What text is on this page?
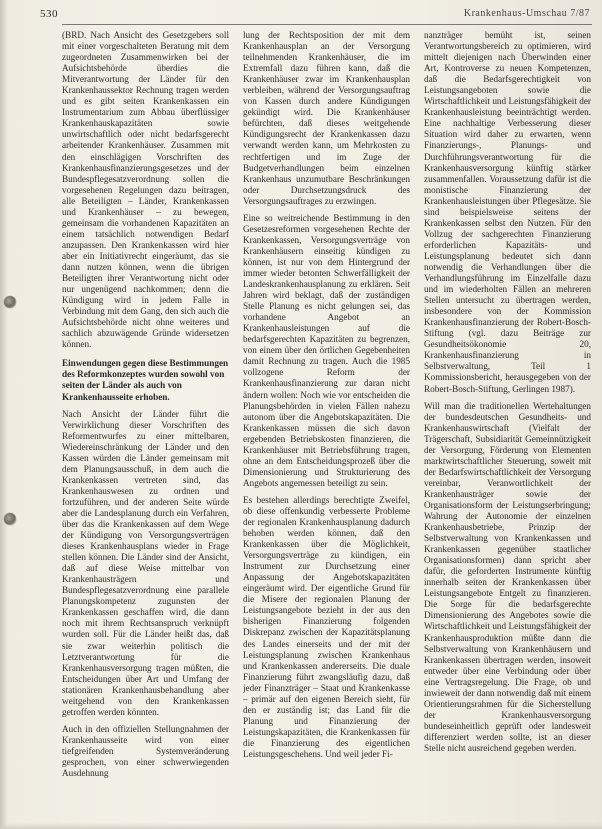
530	Krankenhaus-Umschau 7/87

(BRD. Nach Ansicht des Gesetzgebers soll mit einer vorgeschalteten Beratung mit dem zugeordneten Zusammenwirken bei der Aufsichtsbehörde überdies die Mitverantwortung der Länder für den Krankenhaussektor Rechnung tragen werden und es gibt seiten Krankenkassen ein Instrumentarium zum Abbau überflüssiger Krankenhauskapazitäten sowie unwirtschaftlich oder nicht bedarfsgerecht arbeitender Krankenhäuser. Zusammen mit den einschlägigen Vorschriften des Krankenhausfinanzierungsgesetzes und der Bundespflegesatzverordnung sollen die vorgesehenen Regelungen dazu beitragen, alle Beteiligten – Länder, Krankenkassen und Krankenhäuser – zu bewegen, gemeinsam die vorhandenen Kapazitäten an einem tatsächlich notwendigen Bedarf anzupassen. Den Krankenkassen wird hier aber ein Initiativrecht eingeräumt, das sie dann nutzen können, wenn die übrigen Beteiligten ihrer Verantwortung nicht oder nur ungenügend nachkommen; denn die Kündigung wird in jedem Falle in Verbindung mit dem Gang, den sich auch die Aufsichtsbehörde nicht ohne weiteres und sachlich abzuwägende Gründe widersetzen können.

Einwendungen gegen diese Bestimmungen des Reformkonzeptes wurden sowohl von seiten der Länder als auch von Krankenhausseite erhoben.

Nach Ansicht der Länder führt die Verwirklichung dieser Vorschriften des Reformentwurfes zu einer mittelbaren, Wiedereinschränkung der Länder und den Kassen würden die Länder gemeinsam mit dem Planungsausschuß, in dem auch die Krankenkassen vertreten sind, das Krankenhauswesen zu ordnen und fortzuführen, und der anderen Seite würde aber die Landesplanung durch ein Verfahren, über das die Krankenkassen auf dem Wege der Kündigung von Versorgungsverträgen dieses Krankenhausplans wieder in Frage stellen können. Die Länder sind der Ansicht, daß auf diese Weise mittelbar von Krankenhausträgern und Bundespflegesatzverordnung eine parallele Planungskompetenz zugunsten der Krankenkassen geschaffen wird, die dann noch mit ihrem Rechtsanspruch verknüpft wurden soll. Für die Länder heißt das, daß sie zwar weiterhin politisch die Letztverantwortung für die Krankenhausversorgung tragen müßten, die Entscheidungen über Art und Umfang der stationären Krankenhausbehandlung aber weitgehend von den Krankenkassen getroffen werden könnten.

Auch in den offiziellen Stellungnahmen der Krankenhausseite wird von einer tiefgreifenden Systemveränderung gesprochen, von einer schwerwiegenden Ausdehnung

lung der Rechtsposition der mit dem Krankenhausplan an der Versorgung teilnehmenden Krankenhäuser, die im Extremfall dazu führen kann, daß die Krankenhäuser zwar im Krankenhausplan verbleiben, während der Versorgungsauftrag von Kassen durch andere Kündigungen gekündigt wird. Die Krankenhäuser befürchten, daß dieses weitgehende Kündigungsrecht der Krankenkassen dazu verwandt werden kann, um Mehrkosten zu rechtfertigen und im Zuge der Budgetverhandlungen beim einzelnen Krankenhaus unzumutbare Beschränkungen oder Durchsetzungsdruck des Versorgungsauftrages zu erzwingen.

Eine so weitreichende Bestimmung in den Gesetzesreformen vorgesehenen Rechte der Krankenkassen, Versorgungsverträge von Krankenhäusern einseitig kündigen zu können, ist nur von dem Hintergrund der immer wieder betonten Schwerfälligkeit der Landeskrankenhausplanung zu erklären. Seit Jahren wird beklagt, daß der zuständigen Stelle Planung es nicht gelungen sei, das vorhandene Angebot an Krankenhausleistungen auf die bedarfsgerechten Kapazitäten zu begrenzen, von einem über den örtlichen Gegebenheiten damit Rechnung zu tragen. Auch die 1985 vollzogene Reform der Krankenhausfinanzierung zur daran nicht ändern wollen: Noch wie vor entscheiden die Planungsbehörden in vielen Fällen nahezu autonom über die Angebotskapazitäten. Die Krankenkassen müssen die sich davon ergebenden Betriebskosten finanzieren, die Krankenhäuser mit Betriebsführung tragen, ohne an dem Entscheidungsprozeß über die Dimensionierung und Strukturierung des Angebots angemessen beteiligt zu sein.

Es bestehen allerdings berechtigte Zweifel, ob diese offenkundig verbesserte Probleme der regionalen Krankenhausplanung dadurch behoben werden können, daß den Krankenkassen über die Möglichkeit, Versorgungsverträge zu kündigen, ein Instrument zur Durchsetzung einer Anpassung der Angebotskapazitäten eingeräumt wird. Der eigentliche Grund für die Misere der regionalen Planung der Leistungsangebote bezieht in der aus den bisherigen Finanzierung folgenden Diskrepanz zwischen der Kapazitätsplanung des Landes einerseits und der mit der Leistungsplanung zwischen Krankenhaus und Krankenkassen andererseits. Die duale Finanzierung führt zwangsläufig dazu, daß jeder Finanzträger – Staat und Krankenkasse – primär auf den eigenen Bereich sieht, für den er zuständig ist; das Land für die Planung und Finanzierung der Leistungskapazitäten, die Krankenkassen für die Finanzierung des eigentlichen Leistungsgeschehens. Und weil jeder Fi-

nanzträger bemüht ist, seinen Verantwortungsbereich zu optimieren, wird mittelt diejenigen nach Überwinden einer Art, Kontroverse zu neuen Kompetenzen, daß die Bedarfsgerechtigkeit von Leistungsangeboten sowie die Wirtschaftlichkeit und Leistungsfähigkeit der Krankenhausleistung beeinträchtigt werden. Eine nachhaltige Verbesserung dieser Situation wird daher zu erwarten, wenn Finanzierungs-, Planungs- und Durchführungsverantwortung für die Krankenhausversorgung künftig stärker zusammenfallen. Voraussetzung dafür ist die monistische Finanzierung der Krankenhausleistungen über Pflegesätze. Sie sind beispielsweise seitens der Krankenkassen selbst den Nutzen. Für den Vollzug der sachgerechten Finanzierung erforderlichen Kapazitäts- und Leistungsplanung bedeutet sich dann notwendig die Verhandlungen über die Verhandlungsführung im Einzelfalle dazu und im wiederholten Fällen an mehreren Stellen untersucht zu übertragen werden, insbesondere von der Kommission Krankenhausfinanzierung der Robert-Bosch-Stiftung (vgl. dazu Beiträge zur Gesundheitsökonomie 20, Krankenhausfinanzierung in Selbstverwaltung, Teil 1 Kommissionsbericht, herausgegeben von der Robert-Bosch-Stiftung, Gerlingen 1987).

Will man die traditionellen Wertehaltungen der bundesdeutschen Gesundheits- und Krankenhauswirtschaft (Vielfalt der Trägerschaft, Subsidiarität Gemeinnützigkeit der Versorgung, Förderung von Elementen marktwirtschaftlicher Steuerung, soweit mit der Bedarfswirtschaftlichkeit der Versorgung vereinbar, Veranwortlichkeit der Krankenhausträger sowie der Organisationsform der Leistungserbringung; Wahrung der Autonomie der einzelnen Krankenhausbetriebe, Prinzip der Selbstverwaltung von Krankenkassen und Krankenkassen gegenüber staatlicher Organisationsformen) dann spricht aber dafür, die geforderten Instrumente künftig innerhalb seiten der Krankenkassen über Leistungsangebote Entgelt zu finanzieren. Die Sorge für die bedarfsgerechte Dimensionierung des Angebotes sowie die Wirtschaftlichkeit und Leistungsfähigkeit der Krankenhausproduktion müßte dann die Selbstverwaltung von Krankenhäusern und Krankenkassen übertragen werden, insoweit entweder über eine Verbindung oder über eine Vertragsregelung. Die Frage, ob und inwieweit der dann notwendig daß mit einem Orientierungsrahmen für die Sicherstellung der Krankenhausversorgung bundeseinheitlich geprüft oder landesweit differenziert werden sollte, ist an dieser Stelle nicht ausreichend gegeben werden.
